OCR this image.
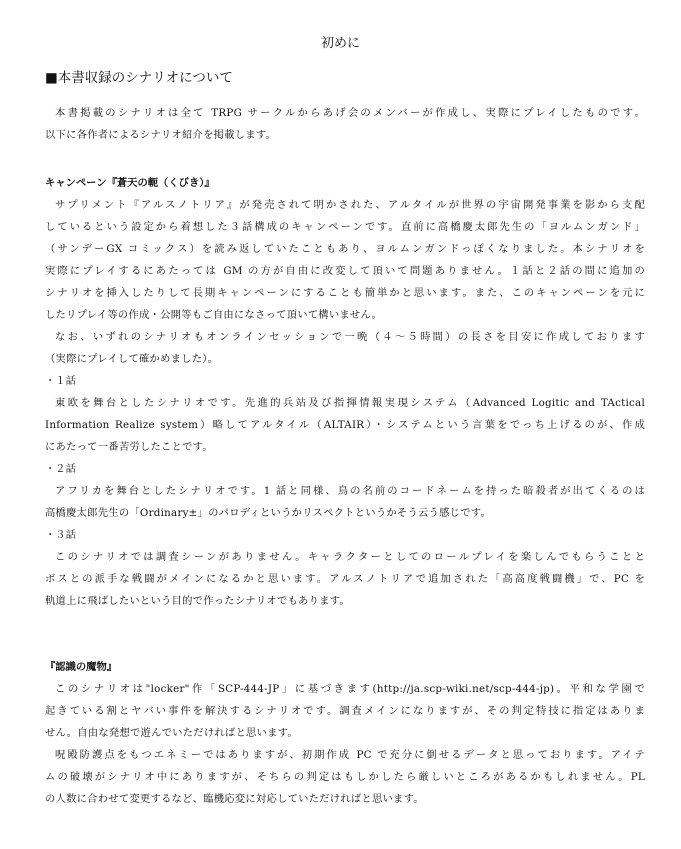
初めに
■本書収録のシナリオについて
本書掲載のシナリオは全て TRPG サークルからあげ会のメンバーが作成し、実際にプレイしたものです。
以下に各作者によるシナリオ紹介を掲載します。
キャンペーン『蒼天の軛（くびき）』
サプリメント『アルスノトリア』が発売されて明かされた、アルタイルが世界の宇宙開発事業を影から支配
しているという設定から着想した３話構成のキャンペーンです。直前に高橋慶太郎先生の「ヨルムンガンド」
（サンデーGX コミックス）を読み返していたこともあり、ヨルムンガンドっぽくなりました。本シナリオを
実際にプレイするにあたっては GM の方が自由に改変して頂いて問題ありません。１話と２話の間に追加の
シナリオを挿入したりして長期キャンペーンにすることも簡単かと思います。また、このキャンペーンを元に
したリプレイ等の作成・公開等もご自由になさって頂いて構いません。
なお、いずれのシナリオもオンラインセッションで一晩（４～５時間）の長さを目安に作成しております
（実際にプレイして確かめました）。
・１話
東欧を舞台としたシナリオです。先進的兵站及び指揮情報実現システム（Advanced Logitic and TActical
Information Realize system）略してアルタイル（ALTAIR）・システムという言葉をでっち上げるのが、作成
にあたって一番苦労したことです。
・２話
アフリカを舞台としたシナリオです。1 話と同様、鳥の名前のコードネームを持った暗殺者が出てくるのは
高橋慶太郎先生の「Ordinary±」のパロディというかリスペクトというかそう云う感じです。
・３話
このシナリオでは調査シーンがありません。キャラクターとしてのロールプレイを楽しんでもらうことと
ボスとの派手な戦闘がメインになるかと思います。アルスノトリアで追加された「高高度戦闘機」で、PC を
軌道上に飛ばしたいという目的で作ったシナリオでもあります。
『認識の魔物』
このシナリオは"locker"作「SCP-444-JP」に基づきます(http://ja.scp-wiki.net/scp-444-jp)。平和な学園で
起きている割とヤバい事件を解決するシナリオです。調査メインになりますが、その判定特技に指定はありま
せん。自由な発想で遊んでいただければと思います。
呪殿防護点をもつエネミーではありますが、初期作成 PC で充分に倒せるデータと思っております。アイテ
ムの破壊がシナリオ中にありますが、そちらの判定はもしかしたら厳しいところがあるかもしれません。PL
の人数に合わせて変更するなど、臨機応変に対応していただければと思います。
